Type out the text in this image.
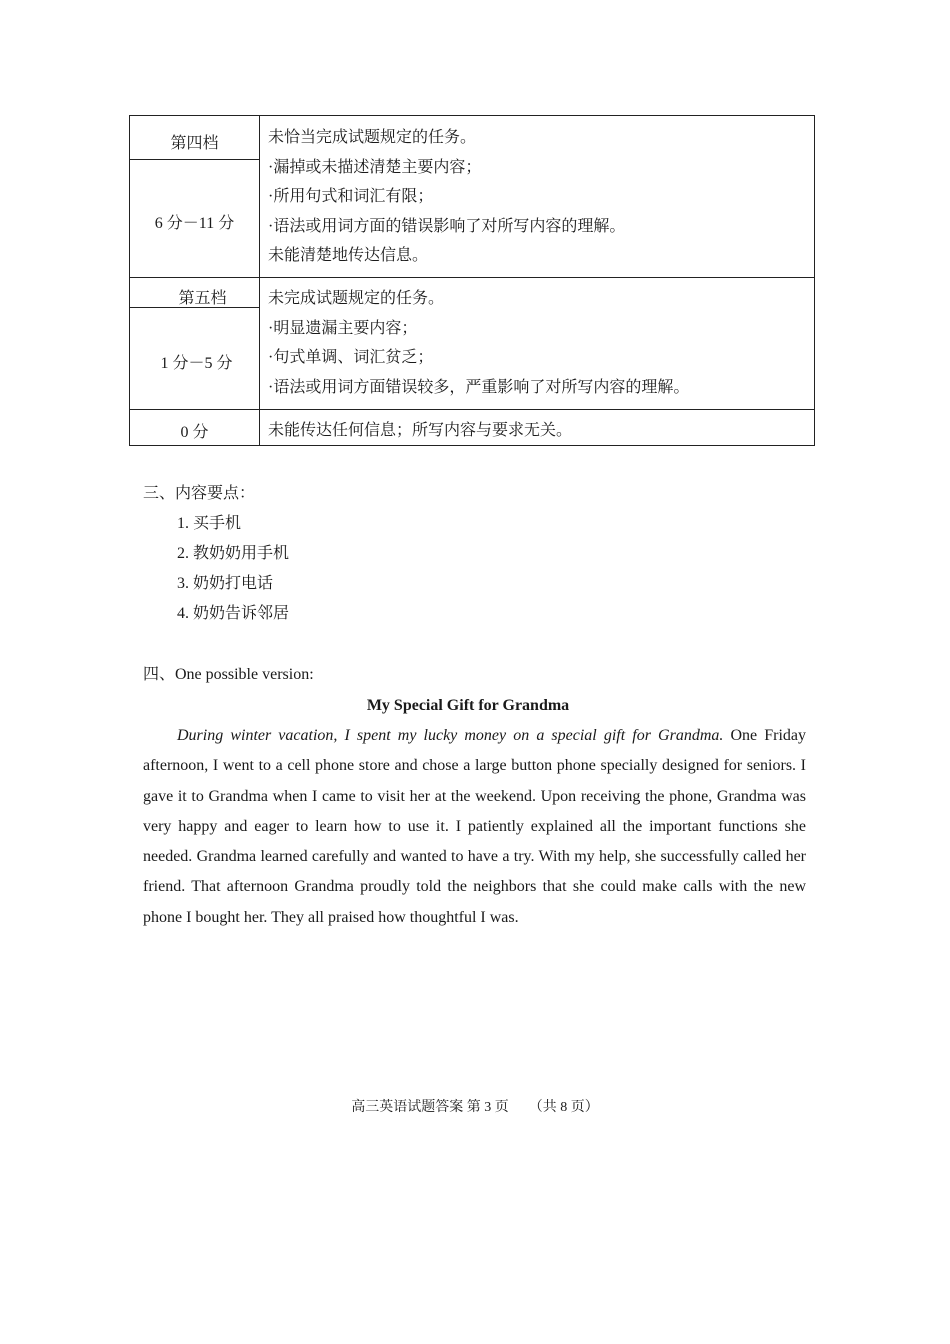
第四档
6 分－11 分
未恰当完成试题规定的任务。
·漏掉或未描述清楚主要内容；
·所用句式和词汇有限；
·语法或用词方面的错误影响了对所写内容的理解。
未能清楚地传达信息。
第五档
1 分－5 分
未完成试题规定的任务。
·明显遗漏主要内容；
·句式单调、词汇贫乏；
·语法或用词方面错误较多，严重影响了对所写内容的理解。
0 分	未能传达任何信息；所写内容与要求无关。
三、内容要点：
1. 买手机
2. 教奶奶用手机
3. 奶奶打电话
4. 奶奶告诉邻居
四、One possible version:
My Special Gift for Grandma
During winter vacation, I spent my lucky money on a special gift for Grandma. One Friday afternoon, I went to a cell phone store and chose a large button phone specially designed for seniors. I gave it to Grandma when I came to visit her at the weekend. Upon receiving the phone, Grandma was very happy and eager to learn how to use it. I patiently explained all the important functions she needed. Grandma learned carefully and wanted to have a try. With my help, she successfully called her friend. That afternoon Grandma proudly told the neighbors that she could make calls with the new phone I bought her. They all praised how thoughtful I was.
高三英语试题答案 第 3 页 （共 8 页）
